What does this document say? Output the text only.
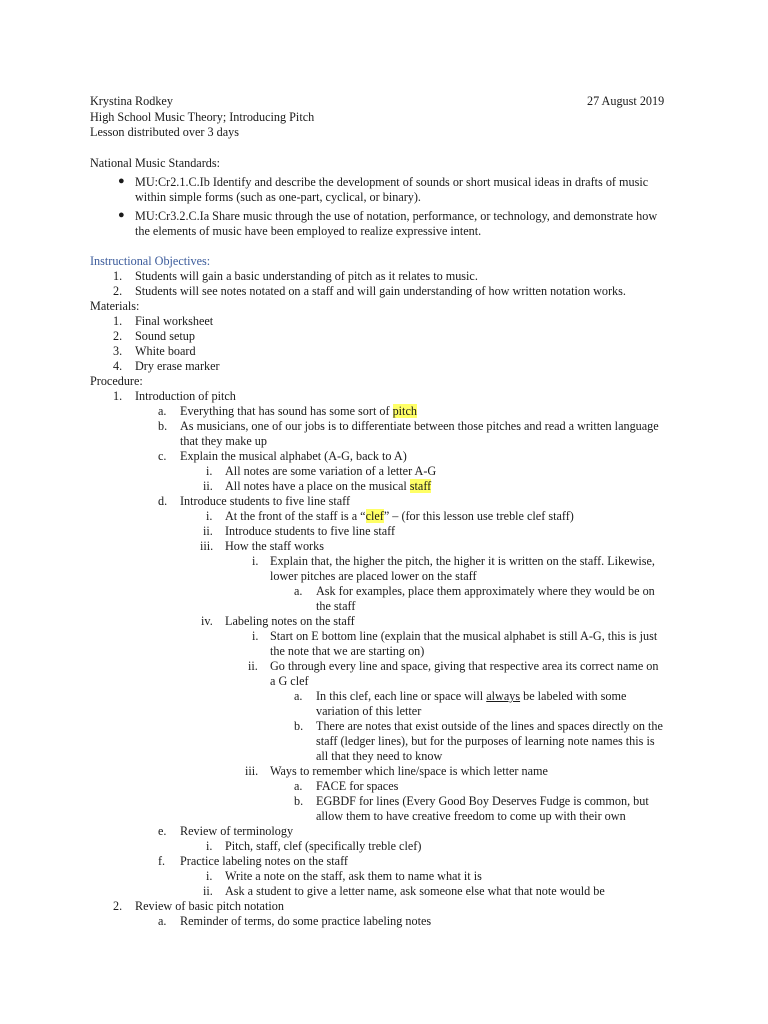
Krystina Rodkey	27 August 2019
High School Music Theory; Introducing Pitch
Lesson distributed over 3 days
National Music Standards:
● MU:Cr2.1.C.Ib Identify and describe the development of sounds or short musical ideas in drafts of music
within simple forms (such as one-part, cyclical, or binary).
● MU:Cr3.2.C.Ia Share music through the use of notation, performance, or technology, and demonstrate how
the elements of music have been employed to realize expressive intent.
Instructional Objectives:
1. Students will gain a basic understanding of pitch as it relates to music.
2. Students will see notes notated on a staff and will gain understanding of how written notation works.
Materials:
1. Final worksheet
2. Sound setup
3. White board
4. Dry erase marker
Procedure:
1. Introduction of pitch
a. Everything that has sound has some sort of pitch
b. As musicians, one of our jobs is to differentiate between those pitches and read a written language
that they make up
c. Explain the musical alphabet (A-G, back to A)
i. All notes are some variation of a letter A-G
ii. All notes have a place on the musical staff
d. Introduce students to five line staff
i. At the front of the staff is a “clef” – (for this lesson use treble clef staff)
ii. Introduce students to five line staff
iii. How the staff works
i. Explain that, the higher the pitch, the higher it is written on the staff. Likewise,
lower pitches are placed lower on the staff
a. Ask for examples, place them approximately where they would be on
the staff
iv. Labeling notes on the staff
i. Start on E bottom line (explain that the musical alphabet is still A-G, this is just
the note that we are starting on)
ii. Go through every line and space, giving that respective area its correct name on
a G clef
a. In this clef, each line or space will always be labeled with some
variation of this letter
b. There are notes that exist outside of the lines and spaces directly on the
staff (ledger lines), but for the purposes of learning note names this is
all that they need to know
iii. Ways to remember which line/space is which letter name
a. FACE for spaces
b. EGBDF for lines (Every Good Boy Deserves Fudge is common, but
allow them to have creative freedom to come up with their own
e. Review of terminology
i. Pitch, staff, clef (specifically treble clef)
f. Practice labeling notes on the staff
i. Write a note on the staff, ask them to name what it is
ii. Ask a student to give a letter name, ask someone else what that note would be
2. Review of basic pitch notation
a. Reminder of terms, do some practice labeling notes
